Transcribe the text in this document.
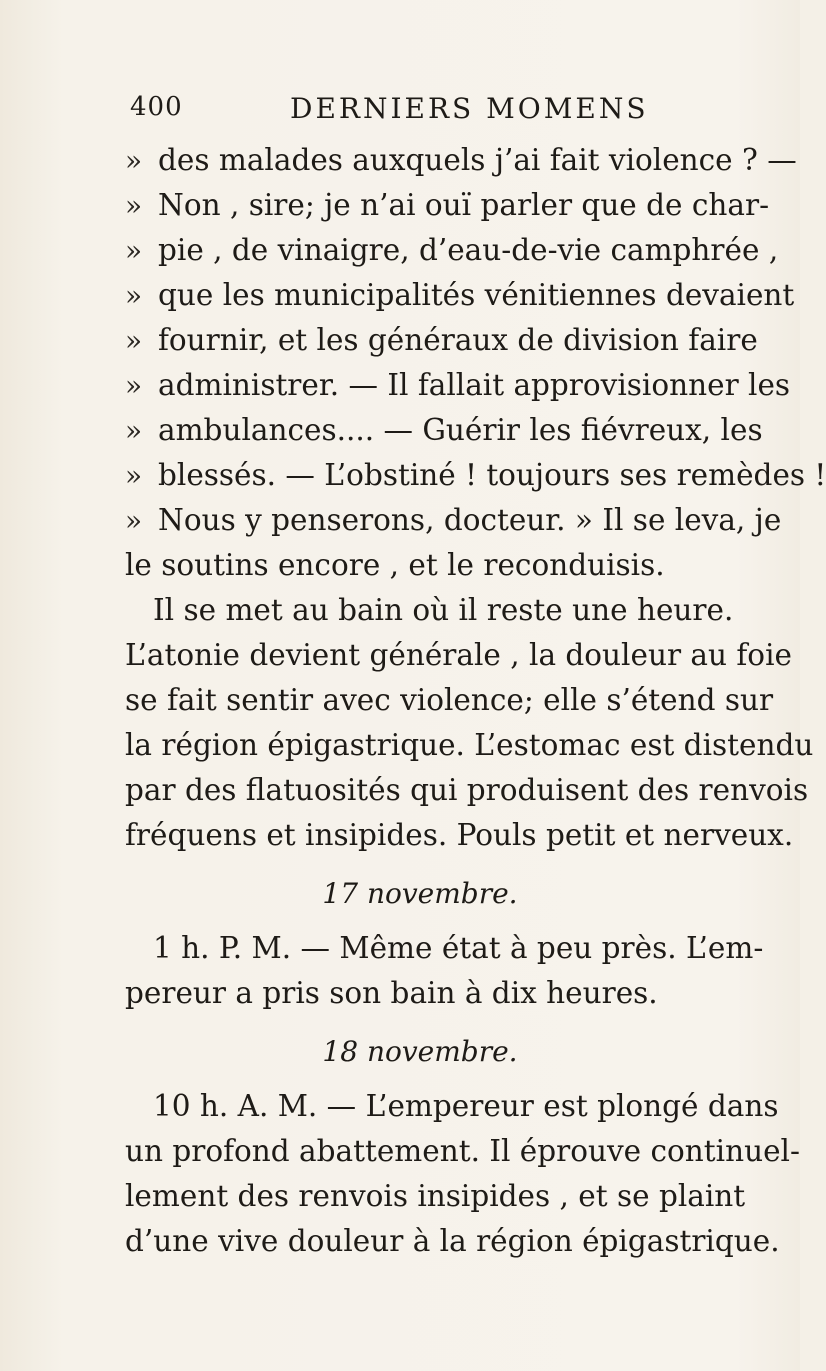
400	DERNIERS MOMENS
» des malades auxquels j’ai fait violence ? —
» Non , sire; je n’ai ouï parler que de char-
» pie , de vinaigre, d’eau-de-vie camphrée ,
» que les municipalités vénitiennes devaient
» fournir, et les généraux de division faire
» administrer. — Il fallait approvisionner les
» ambulances.... — Guérir les fiévreux, les
» blessés. — L’obstiné ! toujours ses remèdes !
» Nous y penserons, docteur. » Il se leva, je
le soutins encore , et le reconduisis.
Il se met au bain où il reste une heure.
L’atonie devient générale , la douleur au foie
se fait sentir avec violence; elle s’étend sur
la région épigastrique. L’estomac est distendu
par des flatuosités qui produisent des renvois
fréquens et insipides. Pouls petit et nerveux.
17 novembre.
1 h. P. M. — Même état à peu près. L’em-
pereur a pris son bain à dix heures.
18 novembre.
10 h. A. M. — L’empereur est plongé dans
un profond abattement. Il éprouve continuel-
lement des renvois insipides , et se plaint
d’une vive douleur à la région épigastrique.
